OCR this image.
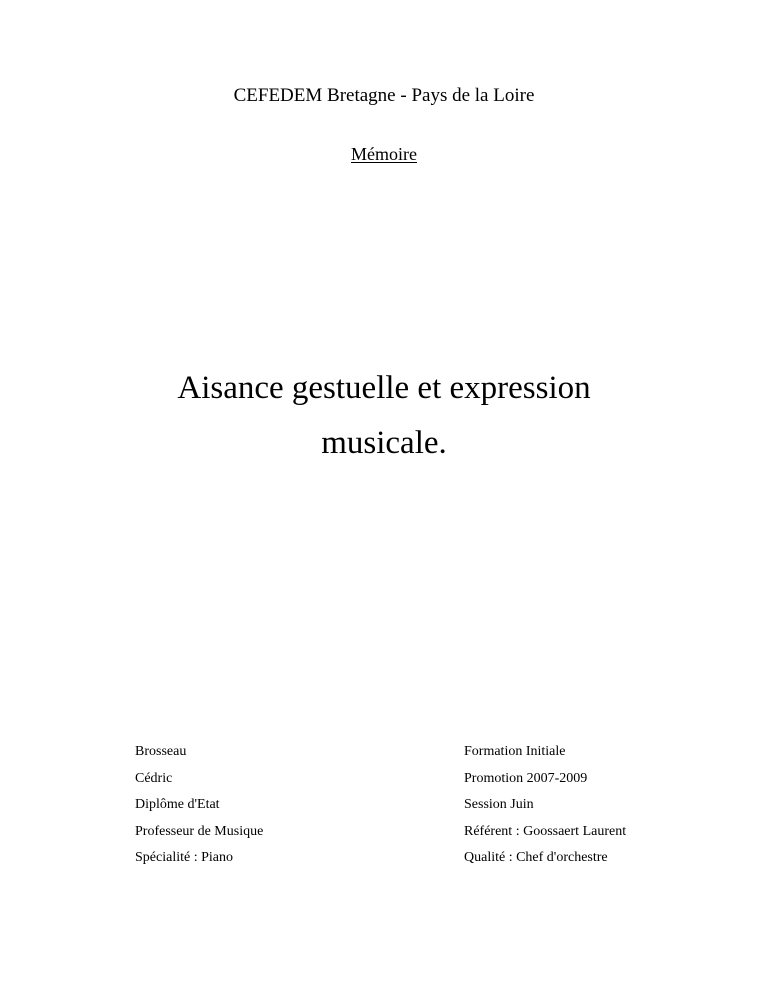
CEFEDEM Bretagne - Pays de la Loire
Mémoire
Aisance gestuelle et expression
musicale.
Brosseau
Cédric
Diplôme d'Etat
Professeur de Musique
Spécialité : Piano
Formation Initiale
Promotion 2007-2009
Session Juin
Référent : Goossaert Laurent
Qualité : Chef d'orchestre
